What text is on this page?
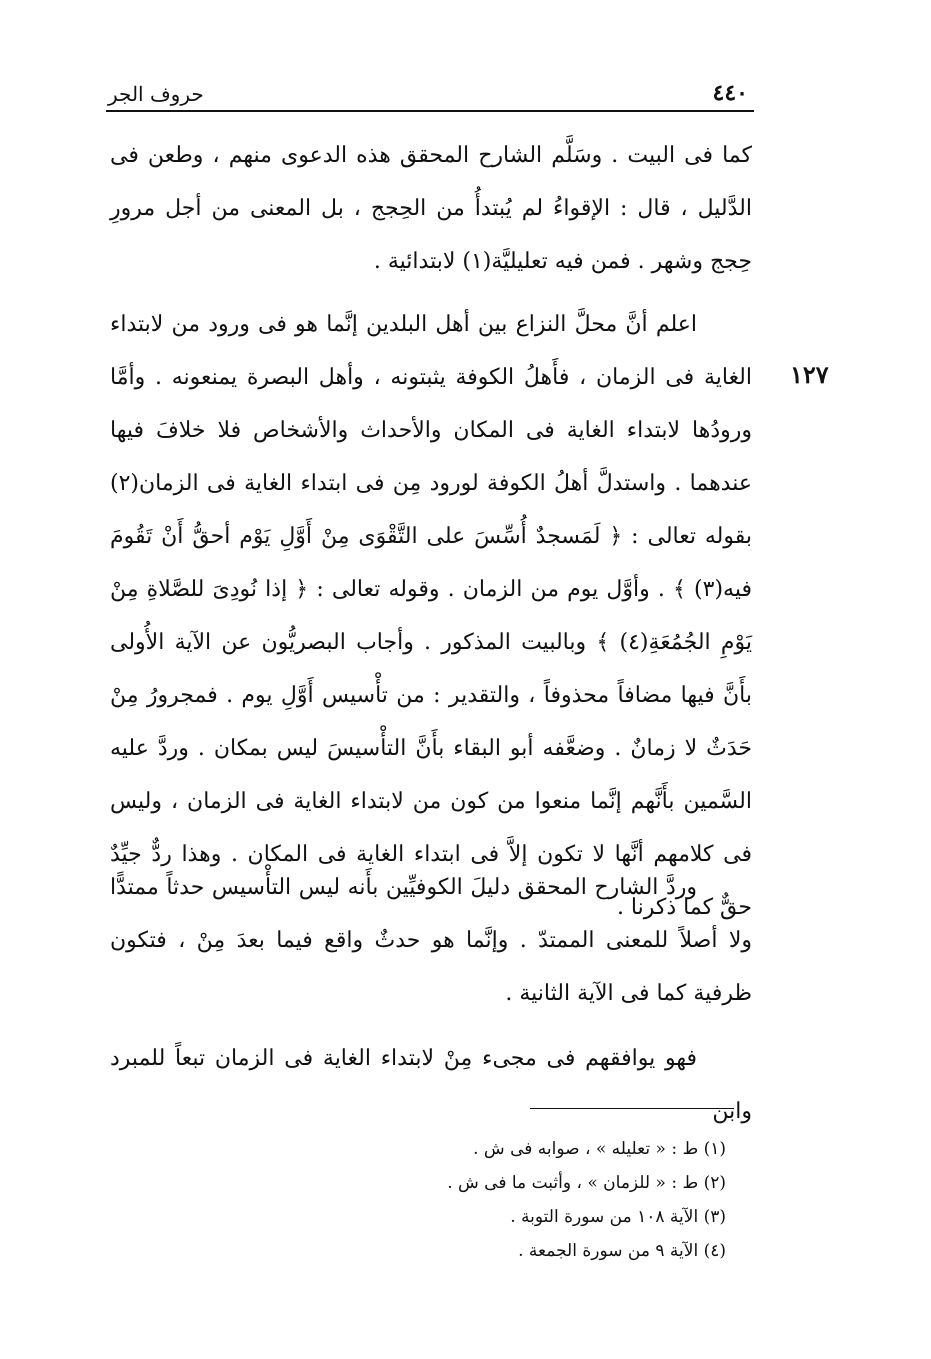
٤٤٠
حروف الجر
١٢٧

كما فى البيت . وسَلَّم الشارح المحقق هذه الدعوى منهم ، وطعن فى الدَّليل ، قال : الإقواءُ لم يُبتدأُ من الحِجج ، بل المعنى من أجل مرورِ حِجج وشهر . فمن فيه تعليليَّة(١) لابتدائية .

اعلم أنَّ محلَّ النزاع بين أهل البلدين إنَّما هو فى ورود من لابتداء الغاية فى الزمان ، فأَهلُ الكوفة يثبتونه ، وأهل البصرة يمنعونه . وأمَّا ورودُها لابتداء الغاية فى المكان والأحداث والأشخاص فلا خلافَ فيها عندهما . واستدلَّ أهلُ الكوفة لورود مِن فى ابتداء الغاية فى الزمان(٢) بقوله تعالى : ﴿ لَمَسجدٌ أُسِّسَ على التَّقْوَى مِنْ أَوَّلِ يَوْم أحقُّ أَنْ تَقُومَ فيه(٣) ﴾ . وأوَّل يوم من الزمان . وقوله تعالى : ﴿ إذا نُودِىَ للصَّلاةِ مِنْ يَوْمِ الجُمُعَةِ(٤) ﴾ وبالبيت المذكور . وأجاب البصريُّون عن الآية الأُولى بأَنَّ فيها مضافاً محذوفاً ، والتقدير : من تأْسيس أَوَّلِ يوم . فمجرورُ مِنْ حَدَثٌ لا زمانٌ . وضعَّفه أبو البقاء بأَنَّ التأْسيسَ ليس بمكان . وردَّ عليه السَّمين بأَنَّهم إنَّما منعوا من كون من لابتداء الغاية فى الزمان ، وليس فى كلامهم أنَّها لا تكون إلاَّ فى ابتداء الغاية فى المكان . وهذا ردٌّ جيِّدٌ حقٌّ كما ذكرنا .

وردَّ الشارح المحقق دليلَ الكوفيِّين بأَنه ليس التأْسيس حدثاً ممتدًّا ولا أصلاً للمعنى الممتدّ . وإنَّما هو حدثٌ واقع فيما بعدَ مِنْ ، فتكون ظرفية كما فى الآية الثانية .

فهو يوافقهم فى مجىء مِنْ لابتداء الغاية فى الزمان تبعاً للمبرد وابن

(١) ط : « تعليله » ، صوابه فى ش .

(٢) ط : « للزمان » ، وأثبت ما فى ش .

(٣) الآية ١٠٨ من سورة التوبة .

(٤) الآية ٩ من سورة الجمعة .
